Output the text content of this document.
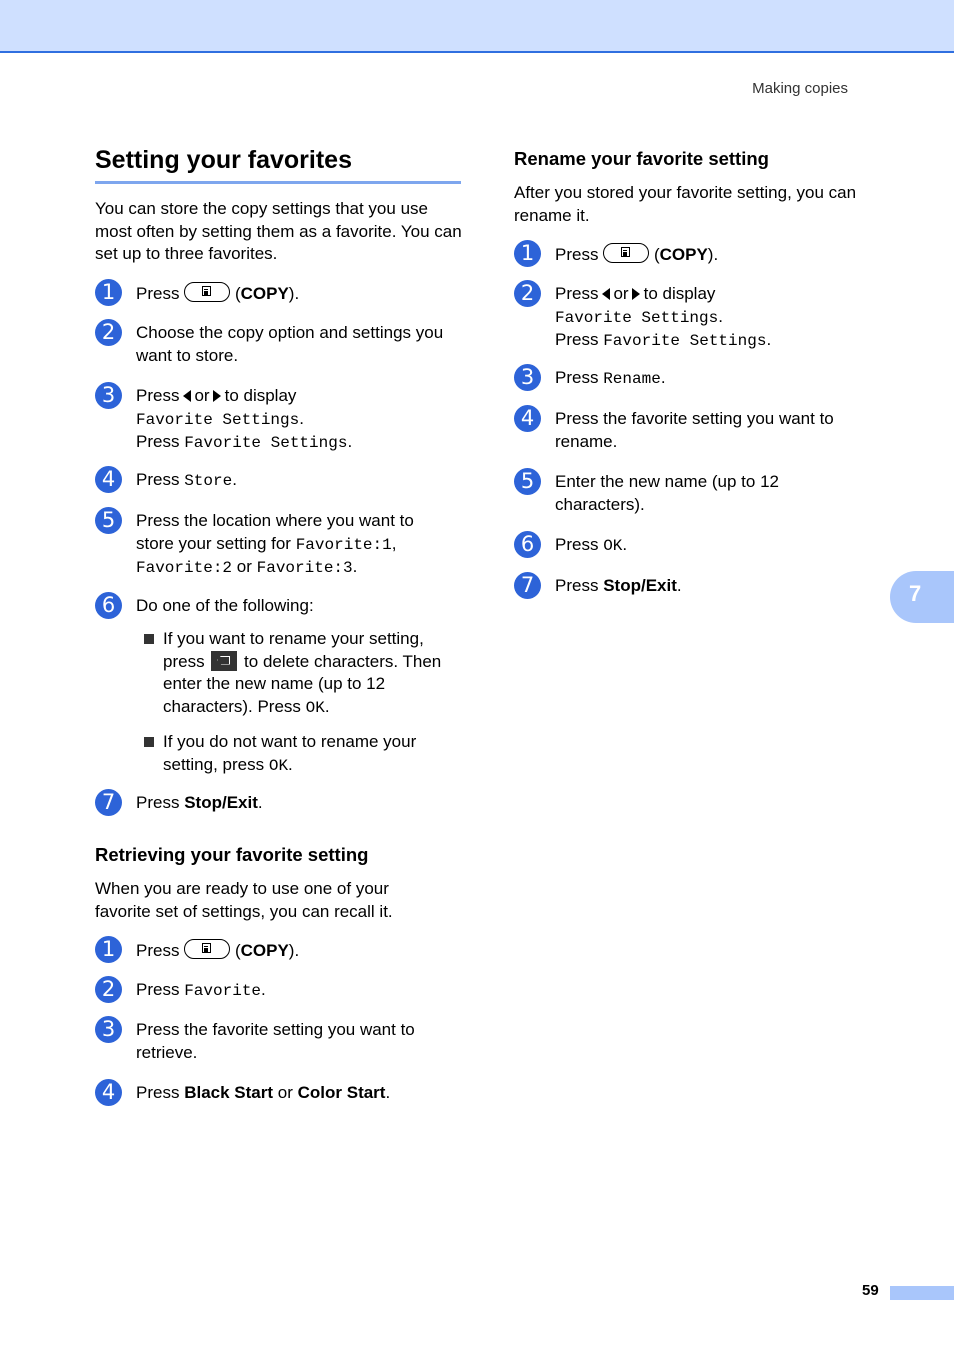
Making copies
Setting your favorites
You can store the copy settings that you use most often by setting them as a favorite. You can set up to three favorites.
1	Press	(COPY).
2	Choose the copy option and settings you want to store.
3	Press or to display
Favorite Settings.
Press Favorite Settings.
4	Press Store.
5	Press the location where you want to store your setting for Favorite:1, Favorite:2 or Favorite:3.
6	Do one of the following:
If you want to rename your setting,
press to delete characters. Then enter the new name (up to 12 characters). Press OK.
If you do not want to rename your setting, press OK.
7	Press Stop/Exit.
Retrieving your favorite setting
When you are ready to use one of your favorite set of settings, you can recall it.
1	Press	(COPY).
2	Press Favorite.
3	Press the favorite setting you want to retrieve.
4	Press Black Start or Color Start.
Rename your favorite setting
After you stored your favorite setting, you can rename it.
1	Press	(COPY).
2	Press or to display
Favorite Settings.
Press Favorite Settings.
3	Press Rename.
4	Press the favorite setting you want to rename.
5	Enter the new name (up to 12 characters).
6	Press OK.
7	Press Stop/Exit.	7
59
